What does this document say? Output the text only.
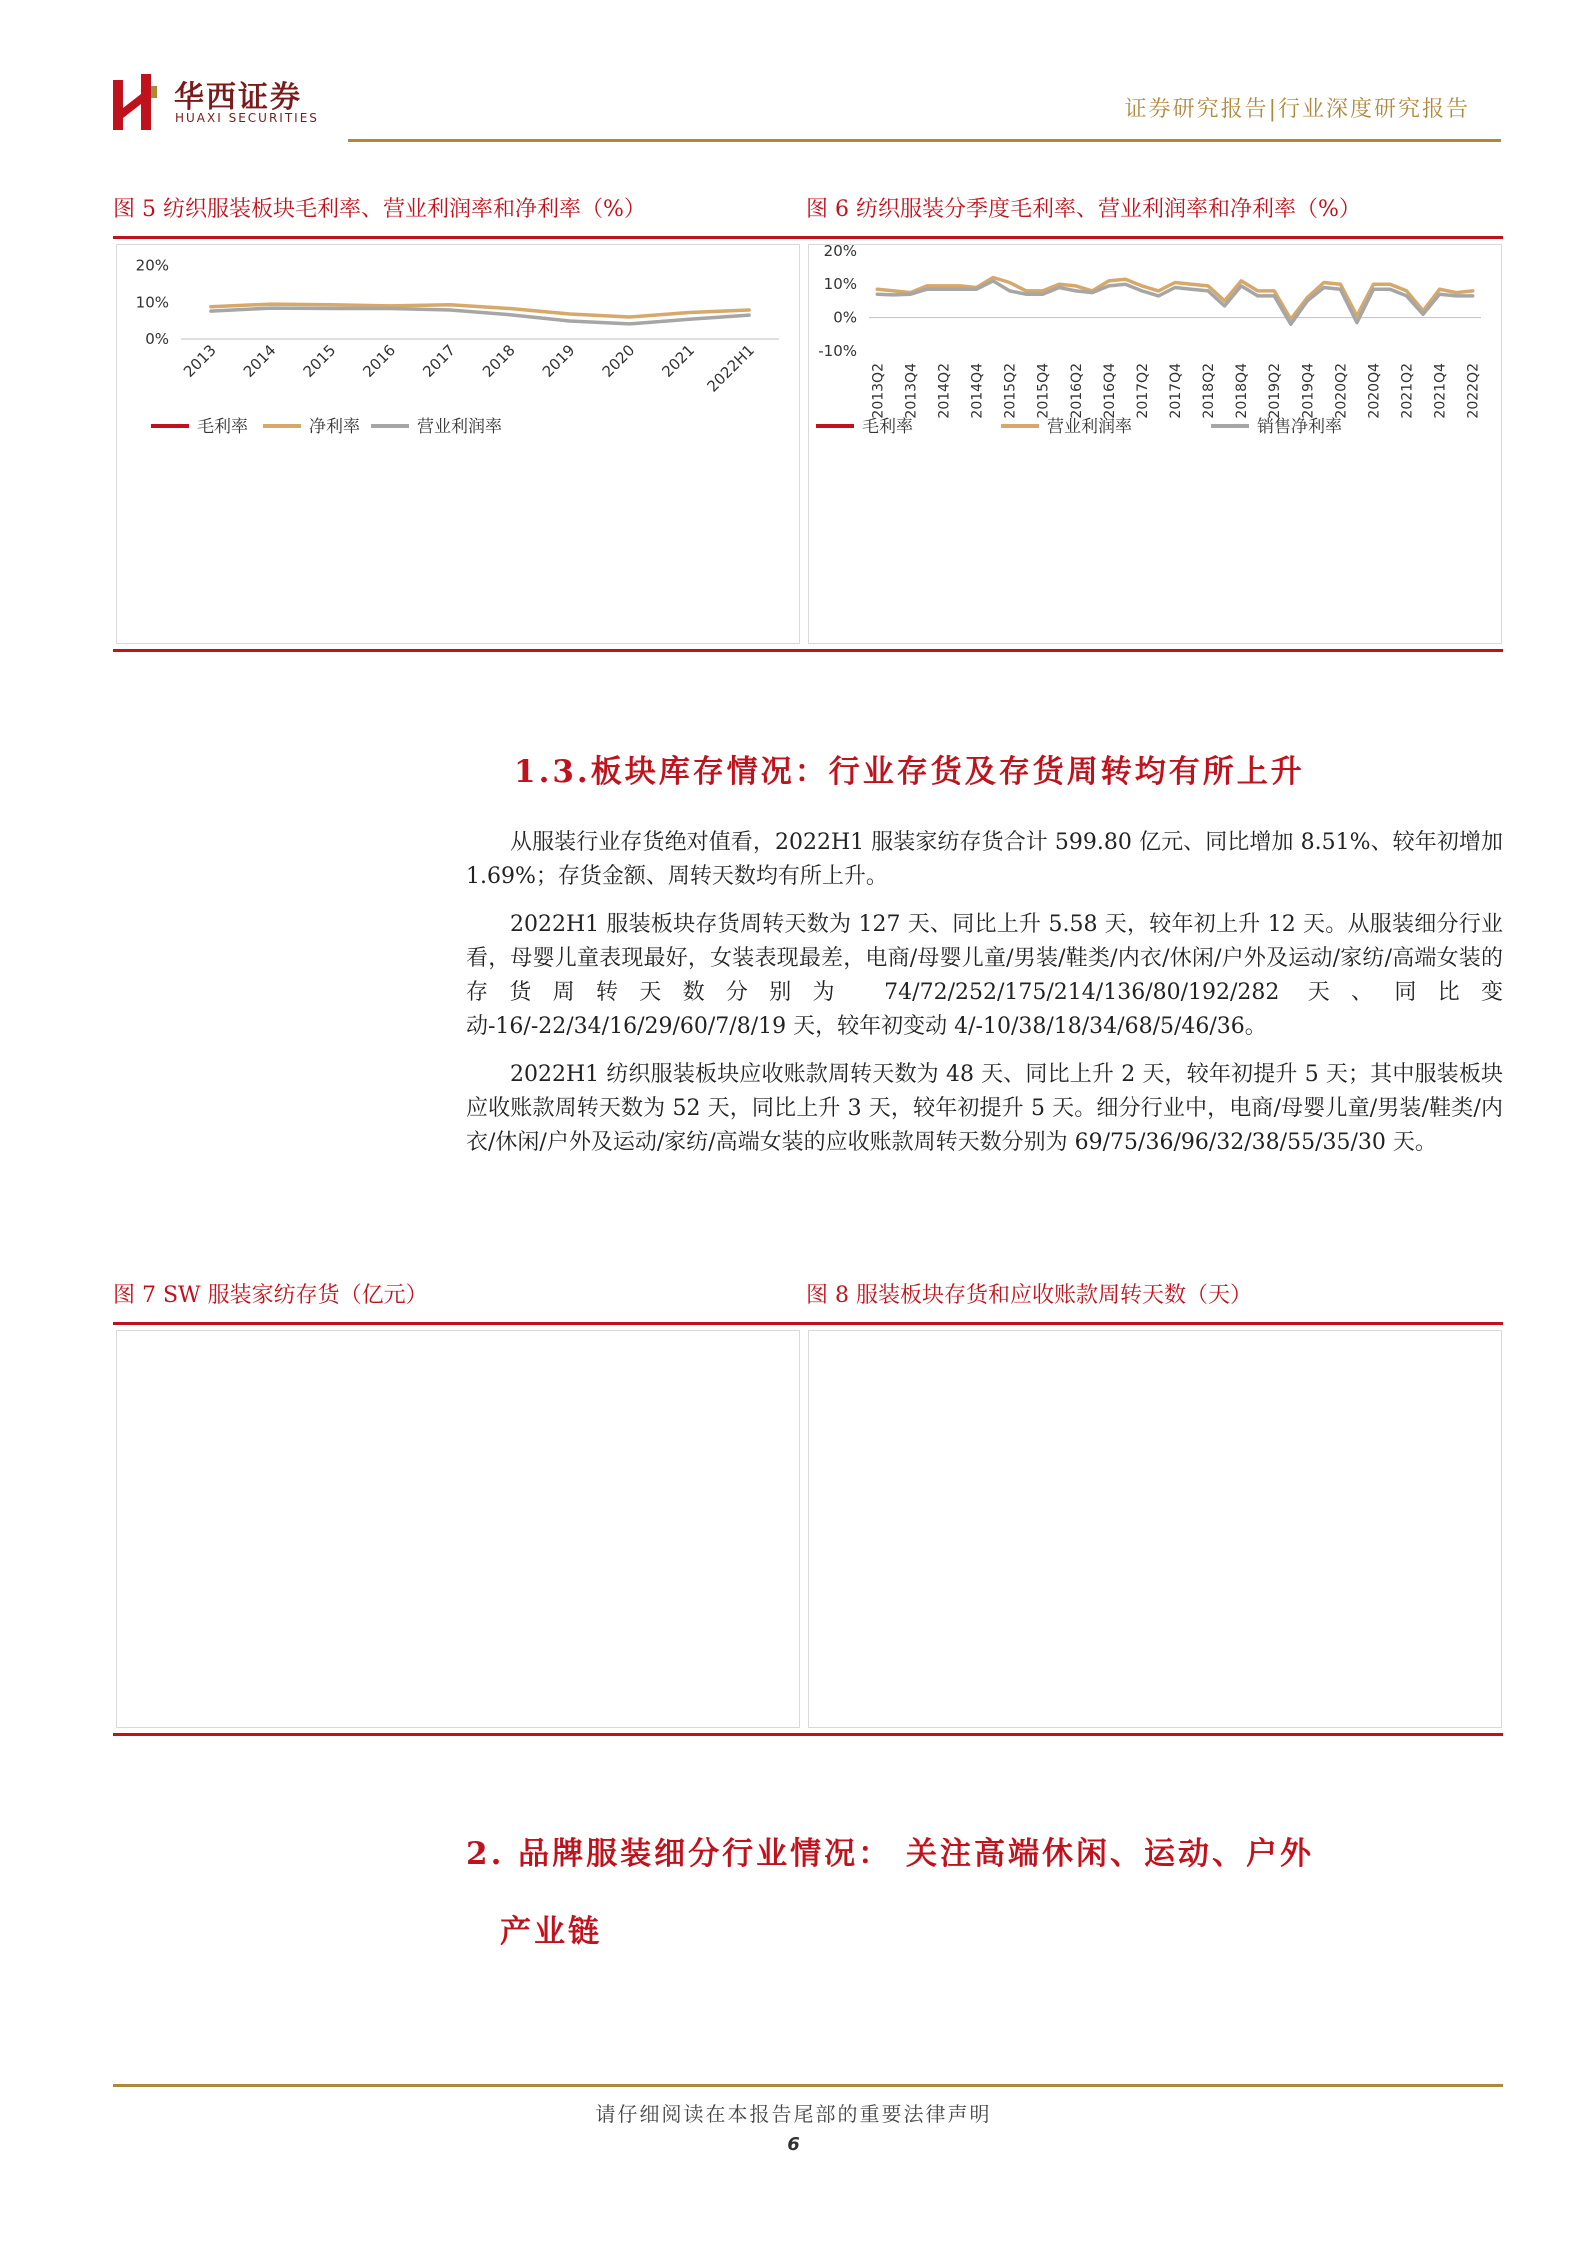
华西证券
HUAXI SECURITIES	证券研究报告|行业深度研究报告
图 5 纺织服装板块毛利率、营业利润率和净利率（%）	图 6 纺织服装分季度毛利率、营业利润率和净利率（%）
20%
10%
0%
2013 2014 2015 2016 2017 2018 2019 2020 2021 2022H1
毛利率	净利率	营业利润率
20%
10%
0%
-10%
2013Q2 2013Q4 2014Q2 2014Q4 2015Q2 2015Q4 2016Q2 2016Q4 2017Q2 2017Q4 2018Q2 2018Q4 2019Q2 2019Q4 2020Q2 2020Q4 2021Q2 2021Q4 2022Q2
毛利率	营业利润率	销售净利率
1.3.板块库存情况：行业存货及存货周转均有所上升

从服装行业存货绝对值看，2022H1 服装家纺存货合计 599.80 亿元、同比增加 8.51%、较年初增加 1.69%；存货金额、周转天数均有所上升。

2022H1 服装板块存货周转天数为 127 天、同比上升 5.58 天，较年初上升 12 天。从服装细分行业看，母婴儿童表现最好，女装表现最差，电商/母婴儿童/男装/鞋类/内衣/休闲/户外及运动/家纺/高端女装的存货周转天数分别为 74/72/252/175/214/136/80/192/282 天、同比变动-16/-22/34/16/29/60/7/8/19 天，较年初变动 4/-10/38/18/34/68/5/46/36。

2022H1 纺织服装板块应收账款周转天数为 48 天、同比上升 2 天，较年初提升 5 天；其中服装板块应收账款周转天数为 52 天，同比上升 3 天，较年初提升 5 天。细分行业中，电商/母婴儿童/男装/鞋类/内衣/休闲/户外及运动/家纺/高端女装的应收账款周转天数分别为 69/75/36/96/32/38/55/35/30 天。

图 7 SW 服装家纺存货（亿元）	图 8 服装板块存货和应收账款周转天数（天）
2. 品牌服装细分行业情况： 关注高端休闲、运动、户外
产业链
请仔细阅读在本报告尾部的重要法律声明
6
